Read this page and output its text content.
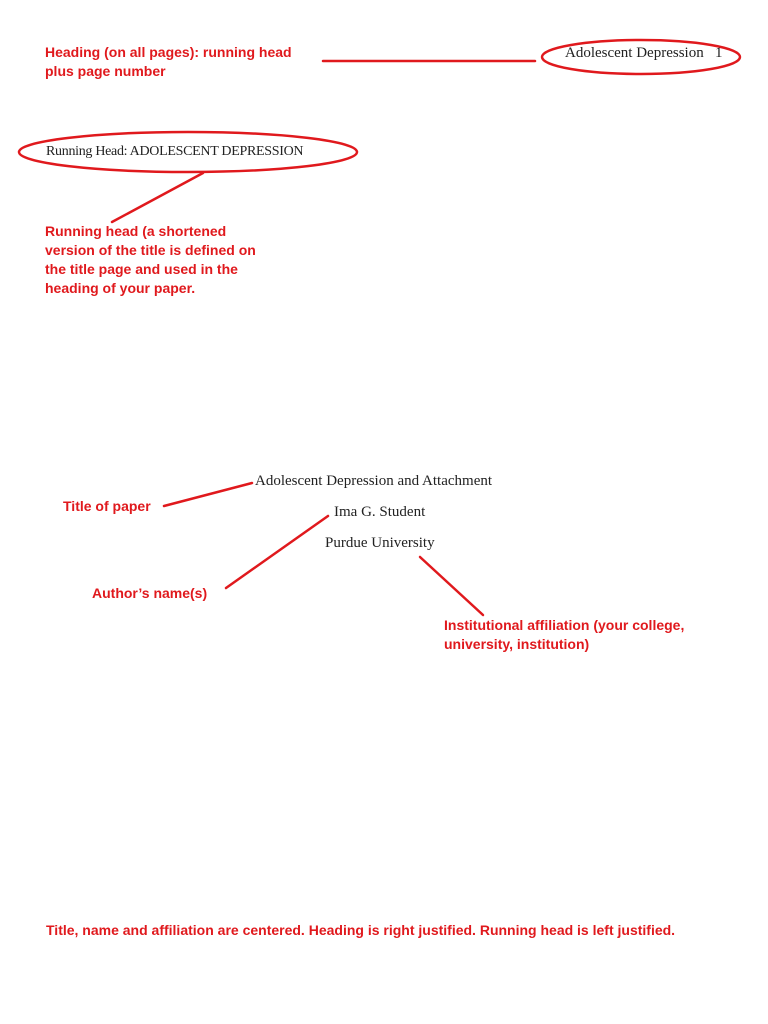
Heading (on all pages): running head
plus page number
Adolescent Depression 1
Running Head: ADOLESCENT DEPRESSION
Running head (a shortened
version of the title is defined on
the title page and used in the
heading of your paper.
Adolescent Depression and Attachment
Ima G. Student
Purdue University
Title of paper
Author’s name(s)
Institutional affiliation (your college,
university, institution)
Title, name and affiliation are centered. Heading is right justified. Running head is left justified.
